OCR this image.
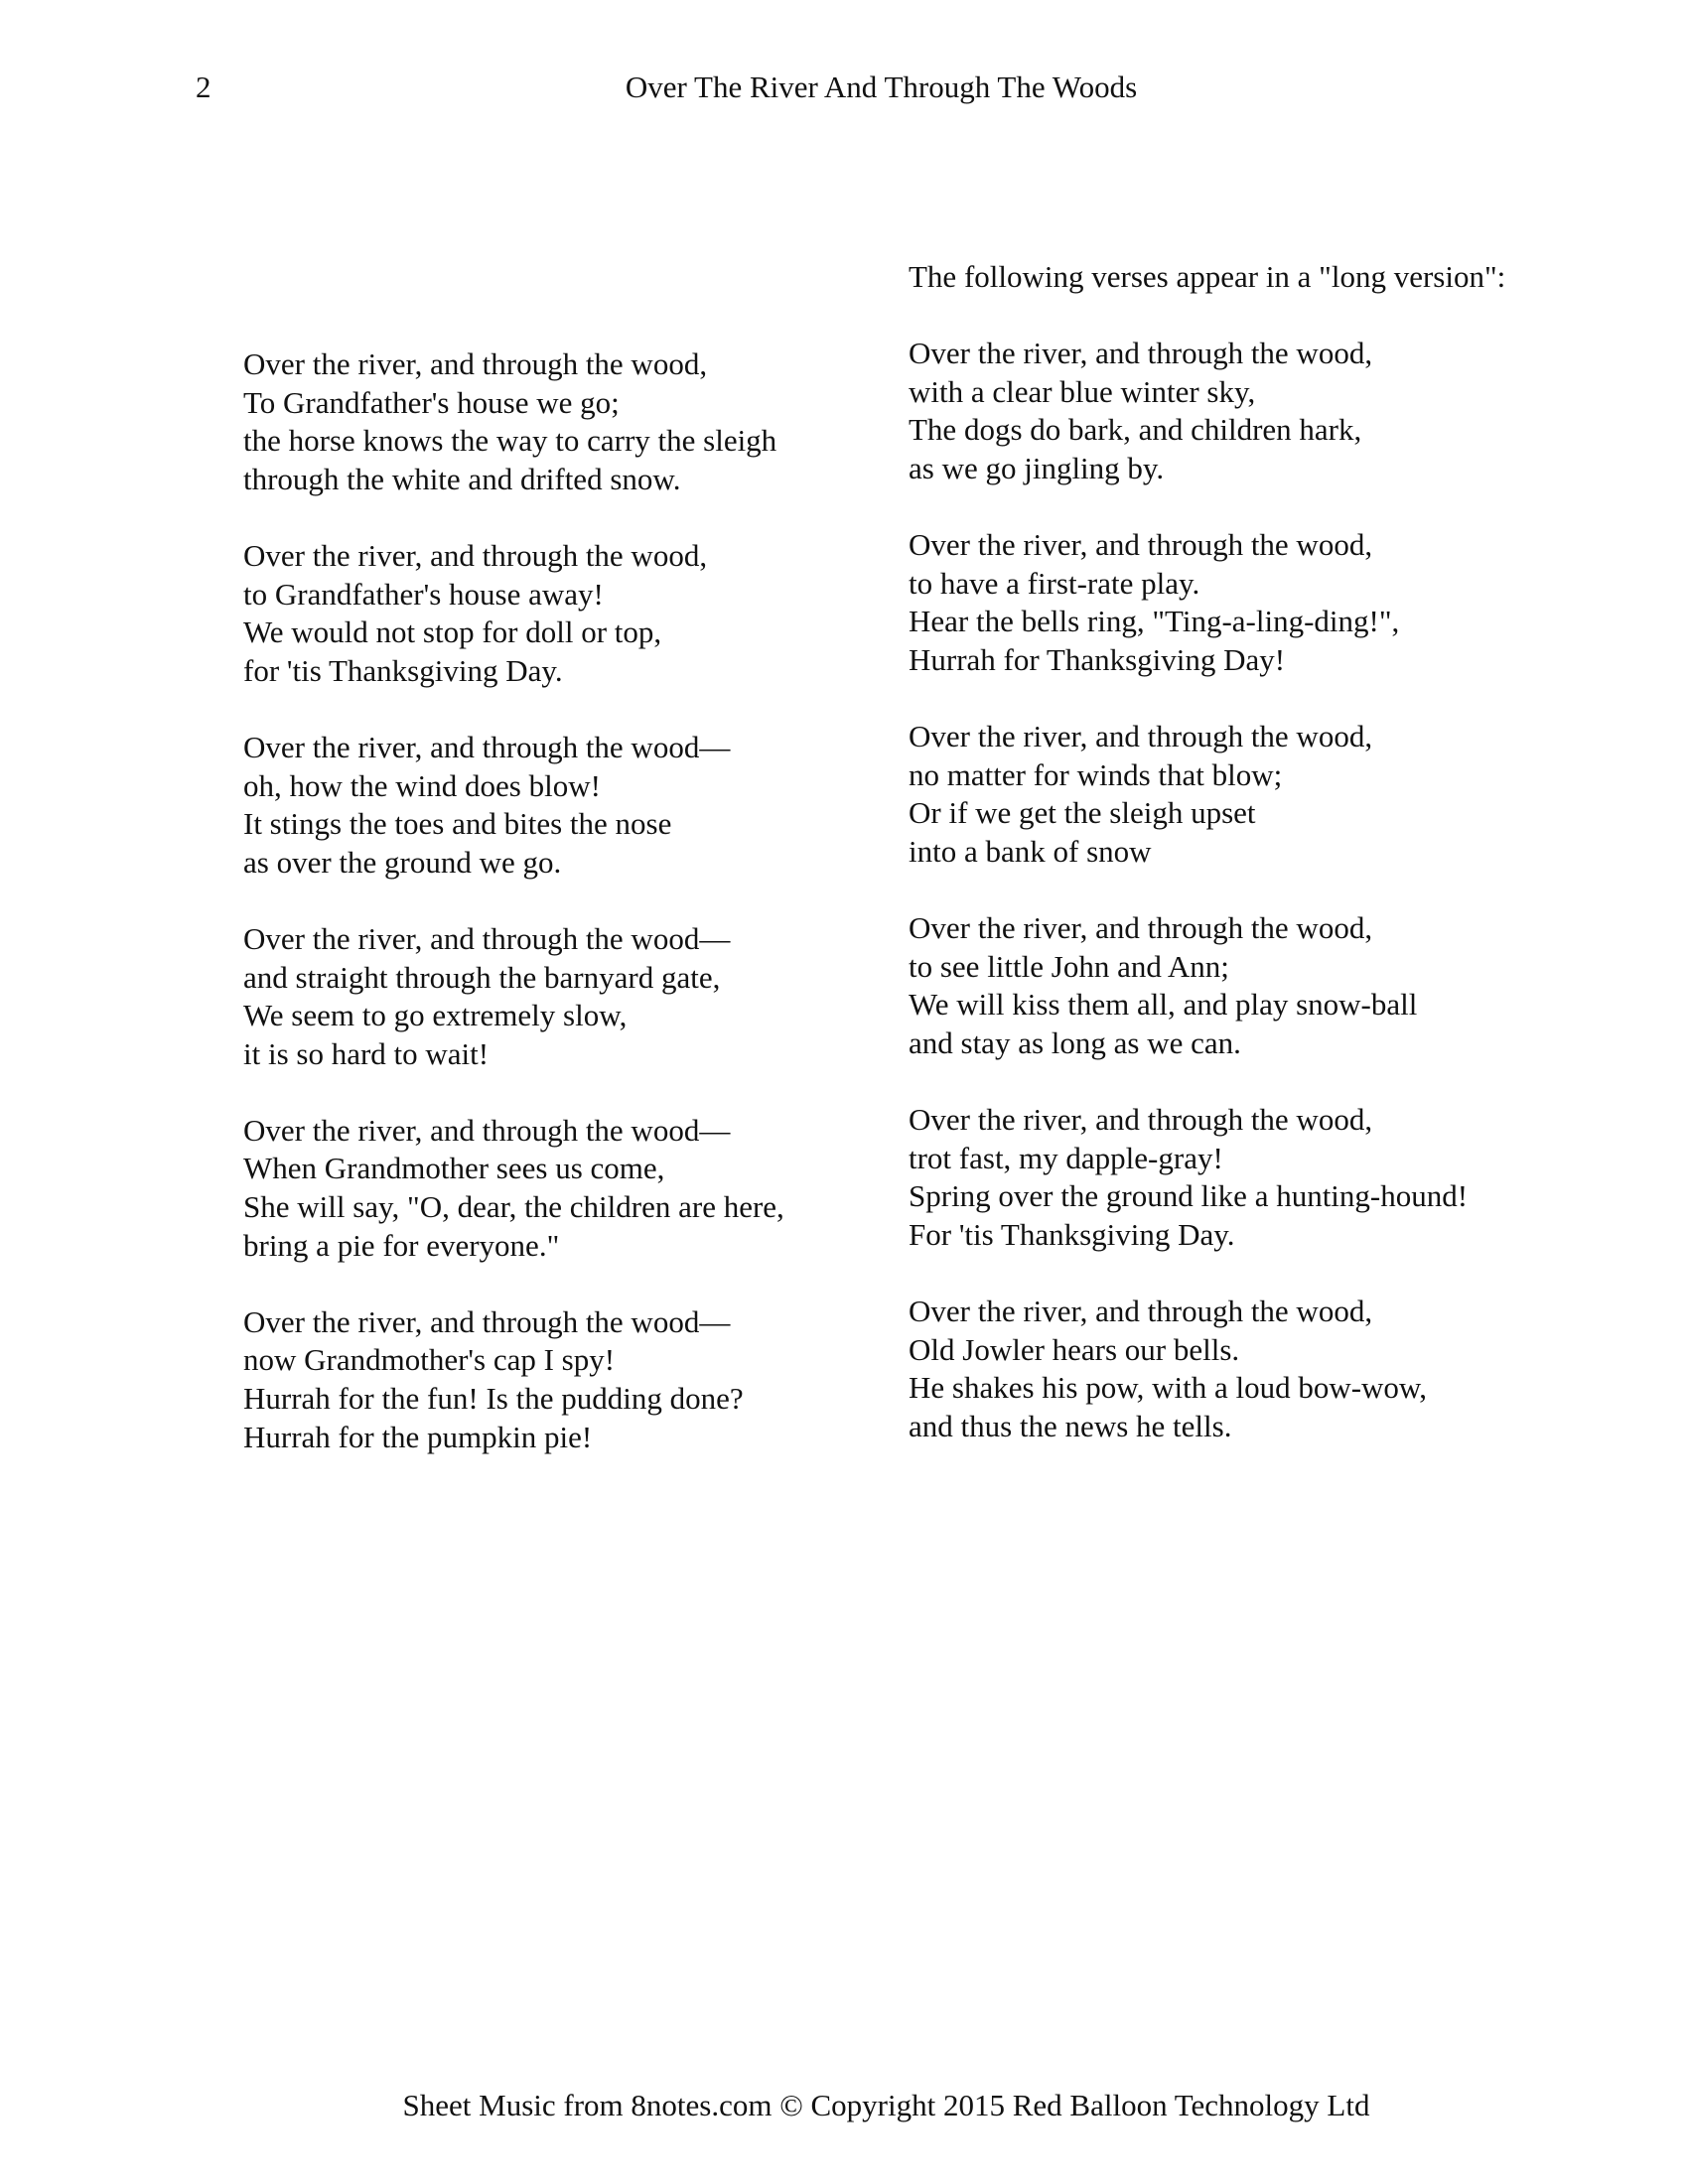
2	Over The River And Through The Woods
Over the river, and through the wood,
To Grandfather's house we go;
the horse knows the way to carry the sleigh
through the white and drifted snow.
Over the river, and through the wood,
to Grandfather's house away!
We would not stop for doll or top,
for 'tis Thanksgiving Day.
Over the river, and through the wood—
oh, how the wind does blow!
It stings the toes and bites the nose
as over the ground we go.
Over the river, and through the wood—
and straight through the barnyard gate,
We seem to go extremely slow,
it is so hard to wait!
Over the river, and through the wood—
When Grandmother sees us come,
She will say, "O, dear, the children are here,
bring a pie for everyone."
Over the river, and through the wood—
now Grandmother's cap I spy!
Hurrah for the fun! Is the pudding done?
Hurrah for the pumpkin pie!
The following verses appear in a "long version":
Over the river, and through the wood,
with a clear blue winter sky,
The dogs do bark, and children hark,
as we go jingling by.
Over the river, and through the wood,
to have a first-rate play.
Hear the bells ring, "Ting-a-ling-ding!",
Hurrah for Thanksgiving Day!
Over the river, and through the wood,
no matter for winds that blow;
Or if we get the sleigh upset
into a bank of snow
Over the river, and through the wood,
to see little John and Ann;
We will kiss them all, and play snow-ball
and stay as long as we can.
Over the river, and through the wood,
trot fast, my dapple-gray!
Spring over the ground like a hunting-hound!
For 'tis Thanksgiving Day.
Over the river, and through the wood,
Old Jowler hears our bells.
He shakes his pow, with a loud bow-wow,
and thus the news he tells.
Sheet Music from 8notes.com © Copyright 2015 Red Balloon Technology Ltd
